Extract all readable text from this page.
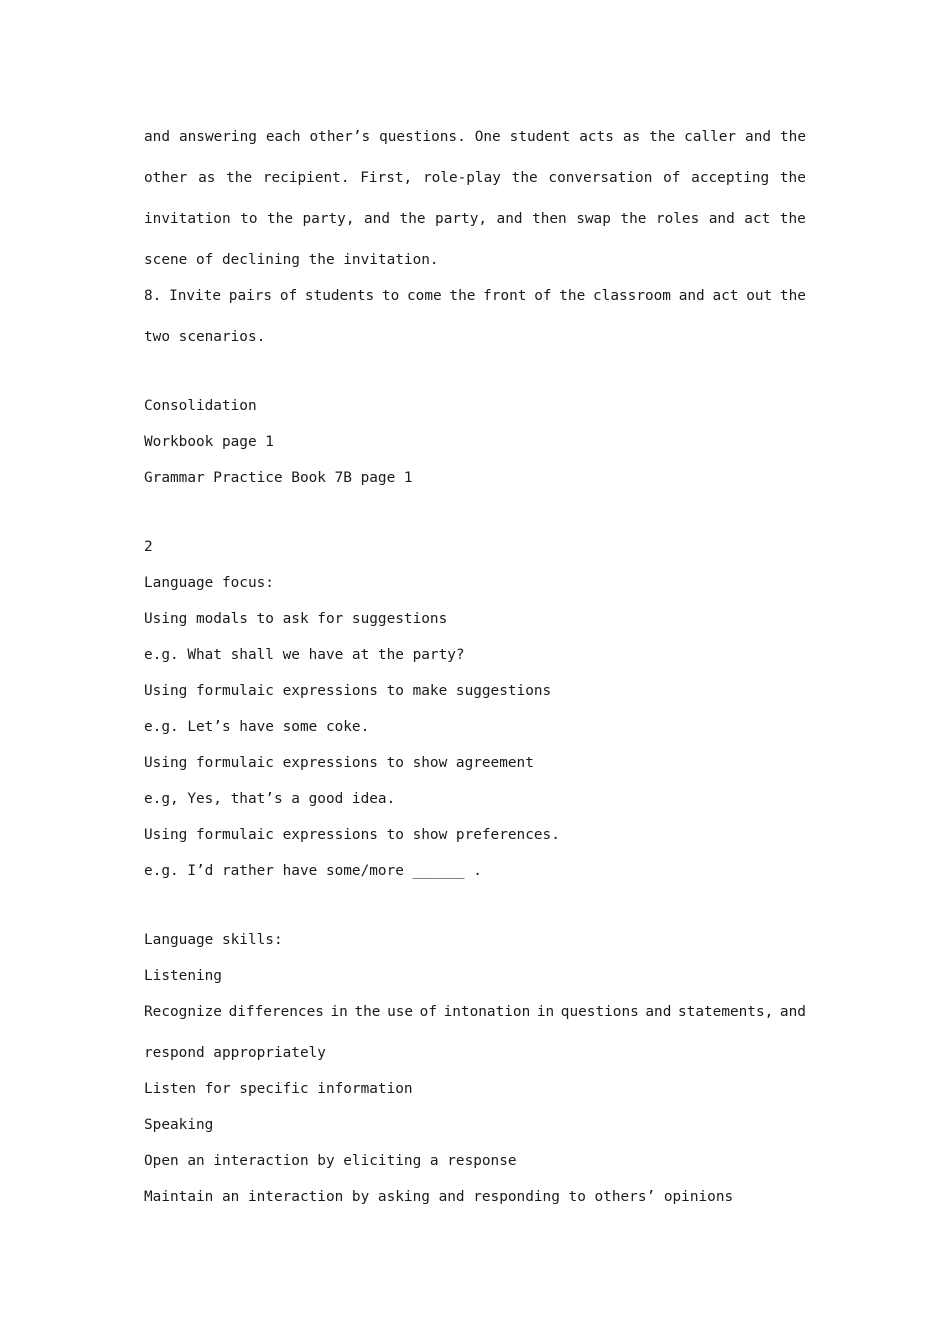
and answering each other’s questions. One student acts as the caller and the
other as the recipient. First, role-play the conversation of accepting the
invitation to the party, and the party, and then swap the roles and act the
scene of declining the invitation.
8. Invite pairs of students to come the front of the classroom and act out the
two scenarios.
Consolidation
Workbook page 1
Grammar Practice Book 7B page 1
2
Language focus:
Using modals to ask for suggestions
e.g. What shall we have at the party?
Using formulaic expressions to make suggestions
e.g. Let’s have some coke.
Using formulaic expressions to show agreement
e.g, Yes, that’s a good idea.
Using formulaic expressions to show preferences.
e.g. I’d rather have some/more ______ .
Language skills:
Listening
Recognize differences in the use of intonation in questions and statements, and
respond appropriately
Listen for specific information
Speaking
Open an interaction by eliciting a response
Maintain an interaction by asking and responding to others’ opinions
